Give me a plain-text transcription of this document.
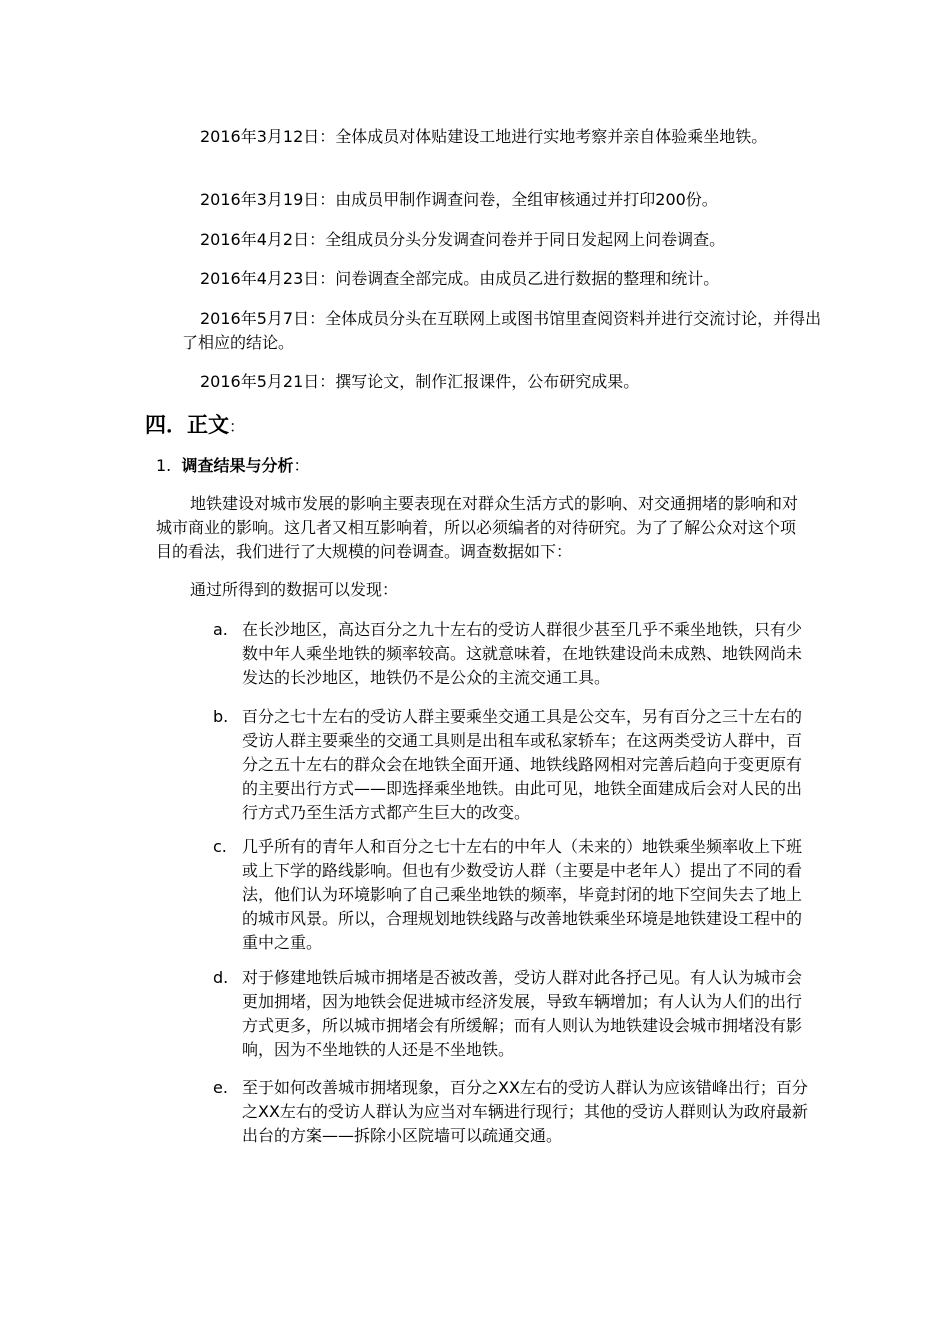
2016年3月12日：全体成员对体贴建设工地进行实地考察并亲自体验乘坐地铁。
2016年3月19日：由成员甲制作调查问卷，全组审核通过并打印200份。
2016年4月2日：全组成员分头分发调查问卷并于同日发起网上问卷调查。
2016年4月23日：问卷调查全部完成。由成员乙进行数据的整理和统计。
2016年5月7日：全体成员分头在互联网上或图书馆里查阅资料并进行交流讨论，并得出了相应的结论。
2016年5月21日：撰写论文，制作汇报课件，公布研究成果。
四．正文：
1. 调查结果与分析：
地铁建设对城市发展的影响主要表现在对群众生活方式的影响、对交通拥堵的影响和对城市商业的影响。这几者又相互影响着，所以必须编者的对待研究。为了了解公众对这个项目的看法，我们进行了大规模的问卷调查。调查数据如下：
通过所得到的数据可以发现：
a. 在长沙地区，高达百分之九十左右的受访人群很少甚至几乎不乘坐地铁，只有少数中年人乘坐地铁的频率较高。这就意味着，在地铁建设尚未成熟、地铁网尚未发达的长沙地区，地铁仍不是公众的主流交通工具。
b. 百分之七十左右的受访人群主要乘坐交通工具是公交车，另有百分之三十左右的受访人群主要乘坐的交通工具则是出租车或私家轿车；在这两类受访人群中，百分之五十左右的群众会在地铁全面开通、地铁线路网相对完善后趋向于变更原有的主要出行方式——即选择乘坐地铁。由此可见，地铁全面建成后会对人民的出行方式乃至生活方式都产生巨大的改变。
c. 几乎所有的青年人和百分之七十左右的中年人（未来的）地铁乘坐频率收上下班或上下学的路线影响。但也有少数受访人群（主要是中老年人）提出了不同的看法，他们认为环境影响了自己乘坐地铁的频率，毕竟封闭的地下空间失去了地上的城市风景。所以，合理规划地铁线路与改善地铁乘坐环境是地铁建设工程中的重中之重。
d. 对于修建地铁后城市拥堵是否被改善，受访人群对此各抒己见。有人认为城市会更加拥堵，因为地铁会促进城市经济发展，导致车辆增加；有人认为人们的出行方式更多，所以城市拥堵会有所缓解；而有人则认为地铁建设会城市拥堵没有影响，因为不坐地铁的人还是不坐地铁。
e. 至于如何改善城市拥堵现象，百分之XX左右的受访人群认为应该错峰出行；百分之XX左右的受访人群认为应当对车辆进行现行；其他的受访人群则认为政府最新出台的方案——拆除小区院墙可以疏通交通。
